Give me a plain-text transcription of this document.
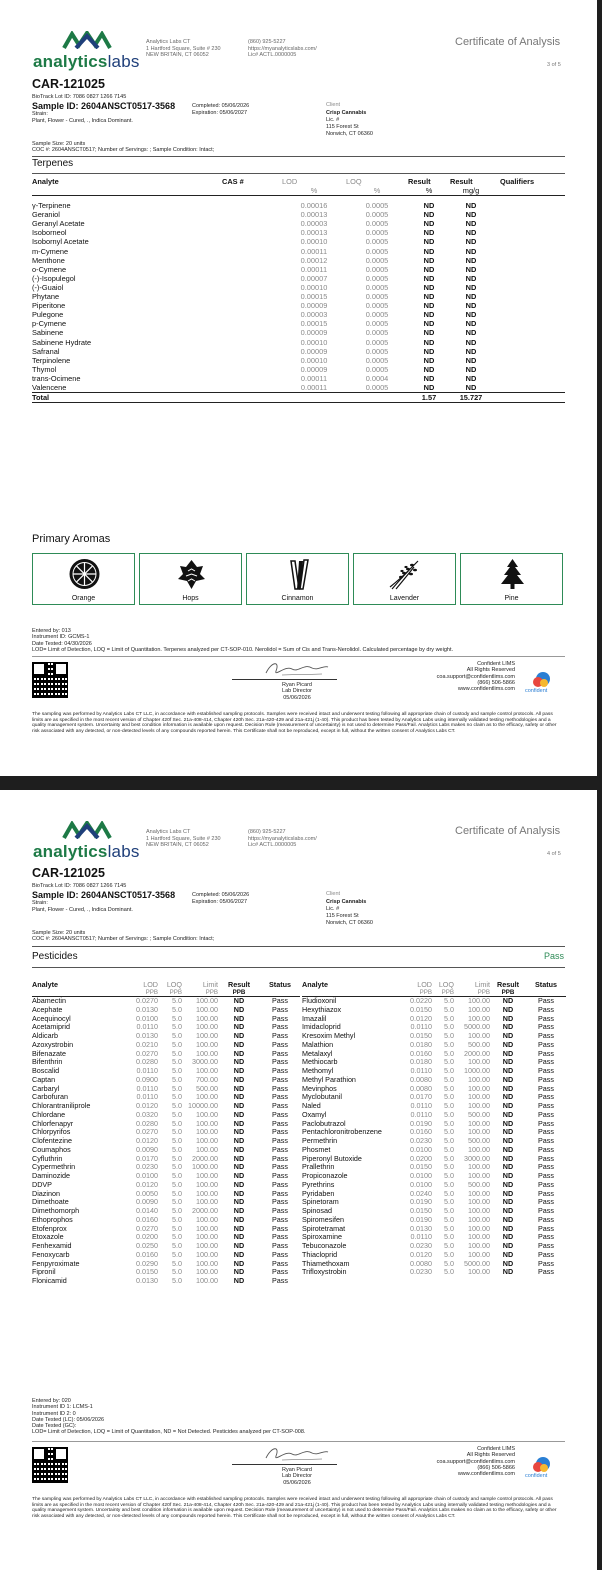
analyticslabs
Analytics Labs CT
1 Hartford Square, Suite # 230
NEW BRITAIN, CT 06052
(860) 925-5227
https://myanalyticslabs.com/
Lic# ACTL.0000005
Certificate of Analysis
3 of 5
CAR-121025
BioTrack Lot ID: 7086 0827 1266 7145
Sample ID: 2604ANSCT0517-3568	Completed: 05/06/2026
Expiration: 05/06/2027
Strain:
Plant, Flower - Cured, ., Indica Dominant.
Client
Crisp Cannabis
Lic. #
115 Forest St
Norwich, CT 06360
Sample Size: 20 units
COC #: 2604ANSCT0517; Number of Servings: ; Sample Condition: Intact;
Terpenes
Analyte	CAS #	LOD	LOQ	Result	Result	Qualifiers
		%	%	%	mg/g	

γ-Terpinene		0.00016	0.0005	ND	ND	
Geraniol		0.00013	0.0005	ND	ND	
Geranyl Acetate		0.00003	0.0005	ND	ND	
Isoborneol		0.00013	0.0005	ND	ND	
Isobornyl Acetate		0.00010	0.0005	ND	ND	
m-Cymene		0.00011	0.0005	ND	ND	
Menthone		0.00012	0.0005	ND	ND	
o-Cymene		0.00011	0.0005	ND	ND	
(-)-Isopulegol		0.00007	0.0005	ND	ND	
(-)-Guaiol		0.00010	0.0005	ND	ND	
Phytane		0.00015	0.0005	ND	ND	
Piperitone		0.00009	0.0005	ND	ND	
Pulegone		0.00003	0.0005	ND	ND	
p-Cymene		0.00015	0.0005	ND	ND	
Sabinene		0.00009	0.0005	ND	ND	
Sabinene Hydrate		0.00010	0.0005	ND	ND	
Safranal		0.00009	0.0005	ND	ND	
Terpinolene		0.00010	0.0005	ND	ND	
Thymol		0.00009	0.0005	ND	ND	
trans-Ocimene		0.00011	0.0004	ND	ND	
Valencene		0.00011	0.0005	ND	ND	
Total				1.57	15.727	
Primary Aromas
Orange	Hops	Cinnamon	Lavender	Pine
Entered by: 013
Instrument ID: GCMS-1
Date Tested: 04/30/2026
LOD= Limit of Detection, LOQ = Limit of Quantitation. Terpenes analyzed per CT-SOP-010. Nerolidol = Sum of Cis and Trans-Nerolidol. Calculated percentage by dry weight.
Ryan Picard
Lab Director
05/06/2026
Confident LIMS
All Rights Reserved
coa.support@confidentlims.com
(866) 506-5866
www.confidentlims.com confident
The sampling was performed by Analytics Labs CT LLC, in accordance with established sampling protocols. Samples were received intact and underwent testing following all appropriate chain of custody and sample control protocols. All pass limits are as specified in the most recent version of Chapter 420f Sec. 21a-408-414, Chapter 420h Sec. 21a-420-429 and 21a-421j (1-40). This product has been tested by Analytics Labs using internally validated testing methodologies and a quality management system. Uncertainty and best condition information is available upon request. Decision Rule (measurement of uncertainty) is not used to determine Pass/Fail. Analytics Labs makes no claim as to the efficacy, safety or other risk associated with any detected, or non-detected levels of any compounds reported herein. This Certificate shall not be reproduced, except in full, without the written consent of Analytics Labs CT.
analyticslabs
Analytics Labs CT
1 Hartford Square, Suite # 230
NEW BRITAIN, CT 06052
(860) 925-5227
https://myanalyticslabs.com/
Lic# ACTL.0000005
Certificate of Analysis
4 of 5
CAR-121025
BioTrack Lot ID: 7086 0827 1266 7145
Sample ID: 2604ANSCT0517-3568	Completed: 05/06/2026
Expiration: 05/06/2027
Strain:
Plant, Flower - Cured, ., Indica Dominant.
Client
Crisp Cannabis
Lic. #
115 Forest St
Norwich, CT 06360
Sample Size: 20 units
COC #: 2604ANSCT0517; Number of Servings: ; Sample Condition: Intact;
Pesticides	Pass
Analyte	LOD	LOQ	Limit	Result	Status
	PPB	PPB	PPB	PPB	
Abamectin	0.0270	5.0	100.00	ND	Pass
Acephate	0.0130	5.0	100.00	ND	Pass
Acequinocyl	0.0100	5.0	100.00	ND	Pass
Acetamiprid	0.0110	5.0	100.00	ND	Pass
Aldicarb	0.0130	5.0	100.00	ND	Pass
Azoxystrobin	0.0210	5.0	100.00	ND	Pass
Bifenazate	0.0270	5.0	100.00	ND	Pass
Bifenthrin	0.0280	5.0	3000.00	ND	Pass
Boscalid	0.0110	5.0	100.00	ND	Pass
Captan	0.0900	5.0	700.00	ND	Pass
Carbaryl	0.0110	5.0	500.00	ND	Pass
Carbofuran	0.0110	5.0	100.00	ND	Pass
Chlorantraniliprole	0.0120	5.0	10000.00	ND	Pass
Chlordane	0.0320	5.0	100.00	ND	Pass
Chlorfenapyr	0.0280	5.0	100.00	ND	Pass
Chlorpyrifos	0.0270	5.0	100.00	ND	Pass
Clofentezine	0.0120	5.0	100.00	ND	Pass
Coumaphos	0.0090	5.0	100.00	ND	Pass
Cyfluthrin	0.0170	5.0	2000.00	ND	Pass
Cypermethrin	0.0230	5.0	1000.00	ND	Pass
Daminozide	0.0100	5.0	100.00	ND	Pass
DDVP	0.0120	5.0	100.00	ND	Pass
Diazinon	0.0050	5.0	100.00	ND	Pass
Dimethoate	0.0090	5.0	100.00	ND	Pass
Dimethomorph	0.0140	5.0	2000.00	ND	Pass
Ethoprophos	0.0160	5.0	100.00	ND	Pass
Etofenprox	0.0270	5.0	100.00	ND	Pass
Etoxazole	0.0200	5.0	100.00	ND	Pass
Fenhexamid	0.0250	5.0	100.00	ND	Pass
Fenoxycarb	0.0160	5.0	100.00	ND	Pass
Fenpyroximate	0.0290	5.0	100.00	ND	Pass
Fipronil	0.0150	5.0	100.00	ND	Pass
Flonicamid	0.0130	5.0	100.00	ND	Pass
Analyte	LOD	LOQ	Limit	Result	Status
	PPB	PPB	PPB	PPB	
Fludioxonil	0.0220	5.0	100.00	ND	Pass
Hexythiazox	0.0150	5.0	100.00	ND	Pass
Imazalil	0.0120	5.0	100.00	ND	Pass
Imidacloprid	0.0110	5.0	5000.00	ND	Pass
Kresoxim Methyl	0.0150	5.0	100.00	ND	Pass
Malathion	0.0180	5.0	500.00	ND	Pass
Metalaxyl	0.0160	5.0	2000.00	ND	Pass
Methiocarb	0.0180	5.0	100.00	ND	Pass
Methomyl	0.0110	5.0	1000.00	ND	Pass
Methyl Parathion	0.0080	5.0	100.00	ND	Pass
Mevinphos	0.0080	5.0	100.00	ND	Pass
Myclobutanil	0.0170	5.0	100.00	ND	Pass
Naled	0.0110	5.0	100.00	ND	Pass
Oxamyl	0.0110	5.0	500.00	ND	Pass
Paclobutrazol	0.0190	5.0	100.00	ND	Pass
Pentachloronitrobenzene	0.0160	5.0	100.00	ND	Pass
Permethrin	0.0230	5.0	500.00	ND	Pass
Phosmet	0.0100	5.0	100.00	ND	Pass
Piperonyl Butoxide	0.0200	5.0	3000.00	ND	Pass
Prallethrin	0.0150	5.0	100.00	ND	Pass
Propiconazole	0.0100	5.0	100.00	ND	Pass
Pyrethrins	0.0100	5.0	500.00	ND	Pass
Pyridaben	0.0240	5.0	100.00	ND	Pass
Spinetoram	0.0190	5.0	100.00	ND	Pass
Spinosad	0.0150	5.0	100.00	ND	Pass
Spiromesifen	0.0190	5.0	100.00	ND	Pass
Spirotetramat	0.0130	5.0	100.00	ND	Pass
Spiroxamine	0.0110	5.0	100.00	ND	Pass
Tebuconazole	0.0230	5.0	100.00	ND	Pass
Thiacloprid	0.0120	5.0	100.00	ND	Pass
Thiamethoxam	0.0080	5.0	5000.00	ND	Pass
Trifloxystrobin	0.0230	5.0	100.00	ND	Pass
Entered by: 020
Instrument ID 1: LCMS-1
Instrument ID 2: 0
Date Tested (LC): 05/06/2026
Date Tested (GC):
LOD= Limit of Detection, LOQ = Limit of Quantitation, ND = Not Detected. Pesticides analyzed per CT-SOP-008.
Ryan Picard
Lab Director
05/06/2026
Confident LIMS
All Rights Reserved
coa.support@confidentlims.com
(866) 506-5866
www.confidentlims.com confident
The sampling was performed by Analytics Labs CT LLC, in accordance with established sampling protocols. Samples were received intact and underwent testing following all appropriate chain of custody and sample control protocols. All pass limits are as specified in the most recent version of Chapter 420f Sec. 21a-408-414, Chapter 420h Sec. 21a-420-429 and 21a-421j (1-40). This product has been tested by Analytics Labs using internally validated testing methodologies and a quality management system. Uncertainty and best condition information is available upon request. Decision Rule (measurement of uncertainty) is not used to determine Pass/Fail. Analytics Labs makes no claim as to the efficacy, safety or other risk associated with any detected, or non-detected levels of any compounds reported herein. This Certificate shall not be reproduced, except in full, without the written consent of Analytics Labs CT.
